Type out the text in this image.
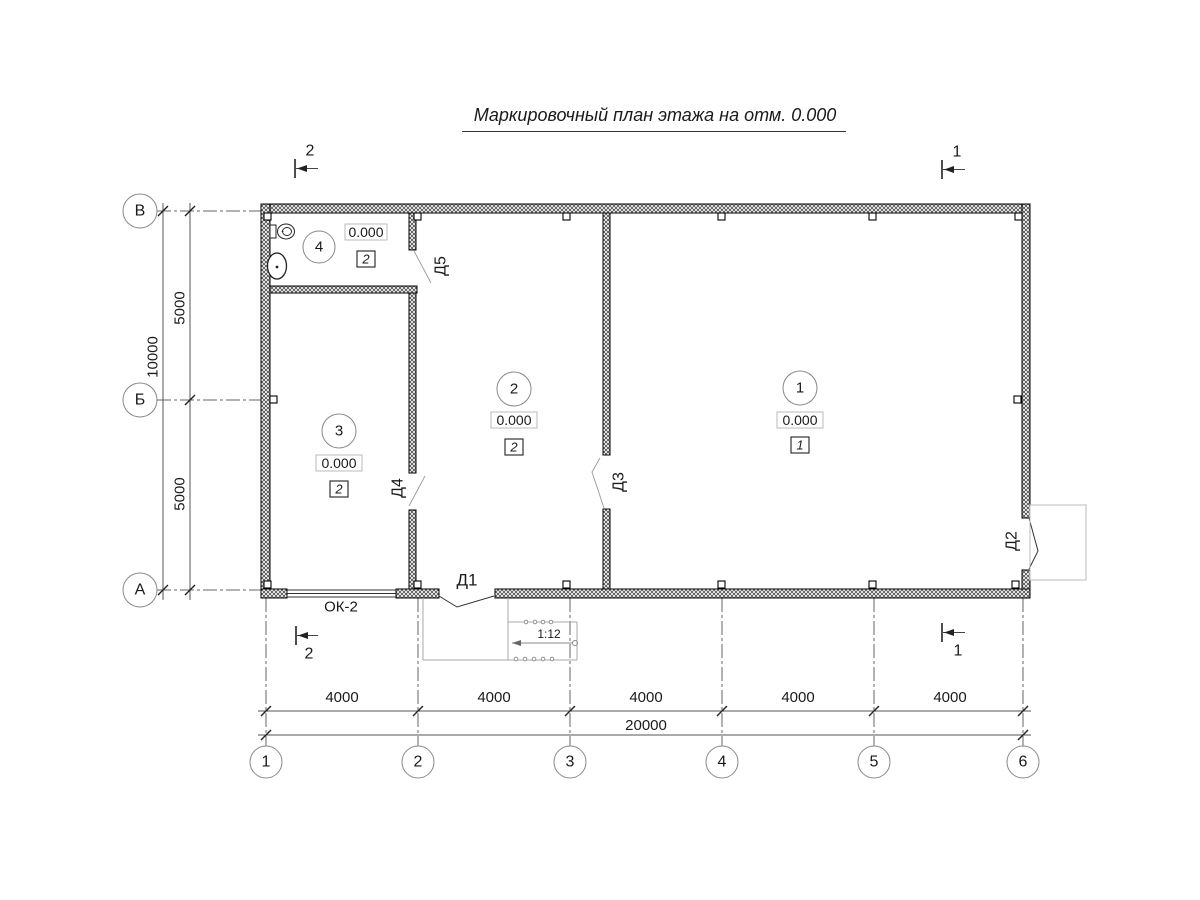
Маркировочный план этажа на отм. 0.000
ОК-2
В
Б
А
1	2	3	4	5	6
10000
5000
5000
4000	4000	4000	4000	4000
20000
2	1
2	1
1
0.000
1
2
0.000
2
3
0.000
2
4
0.000
2
Д1
Д2
Д3
Д4
Д5
1:12
